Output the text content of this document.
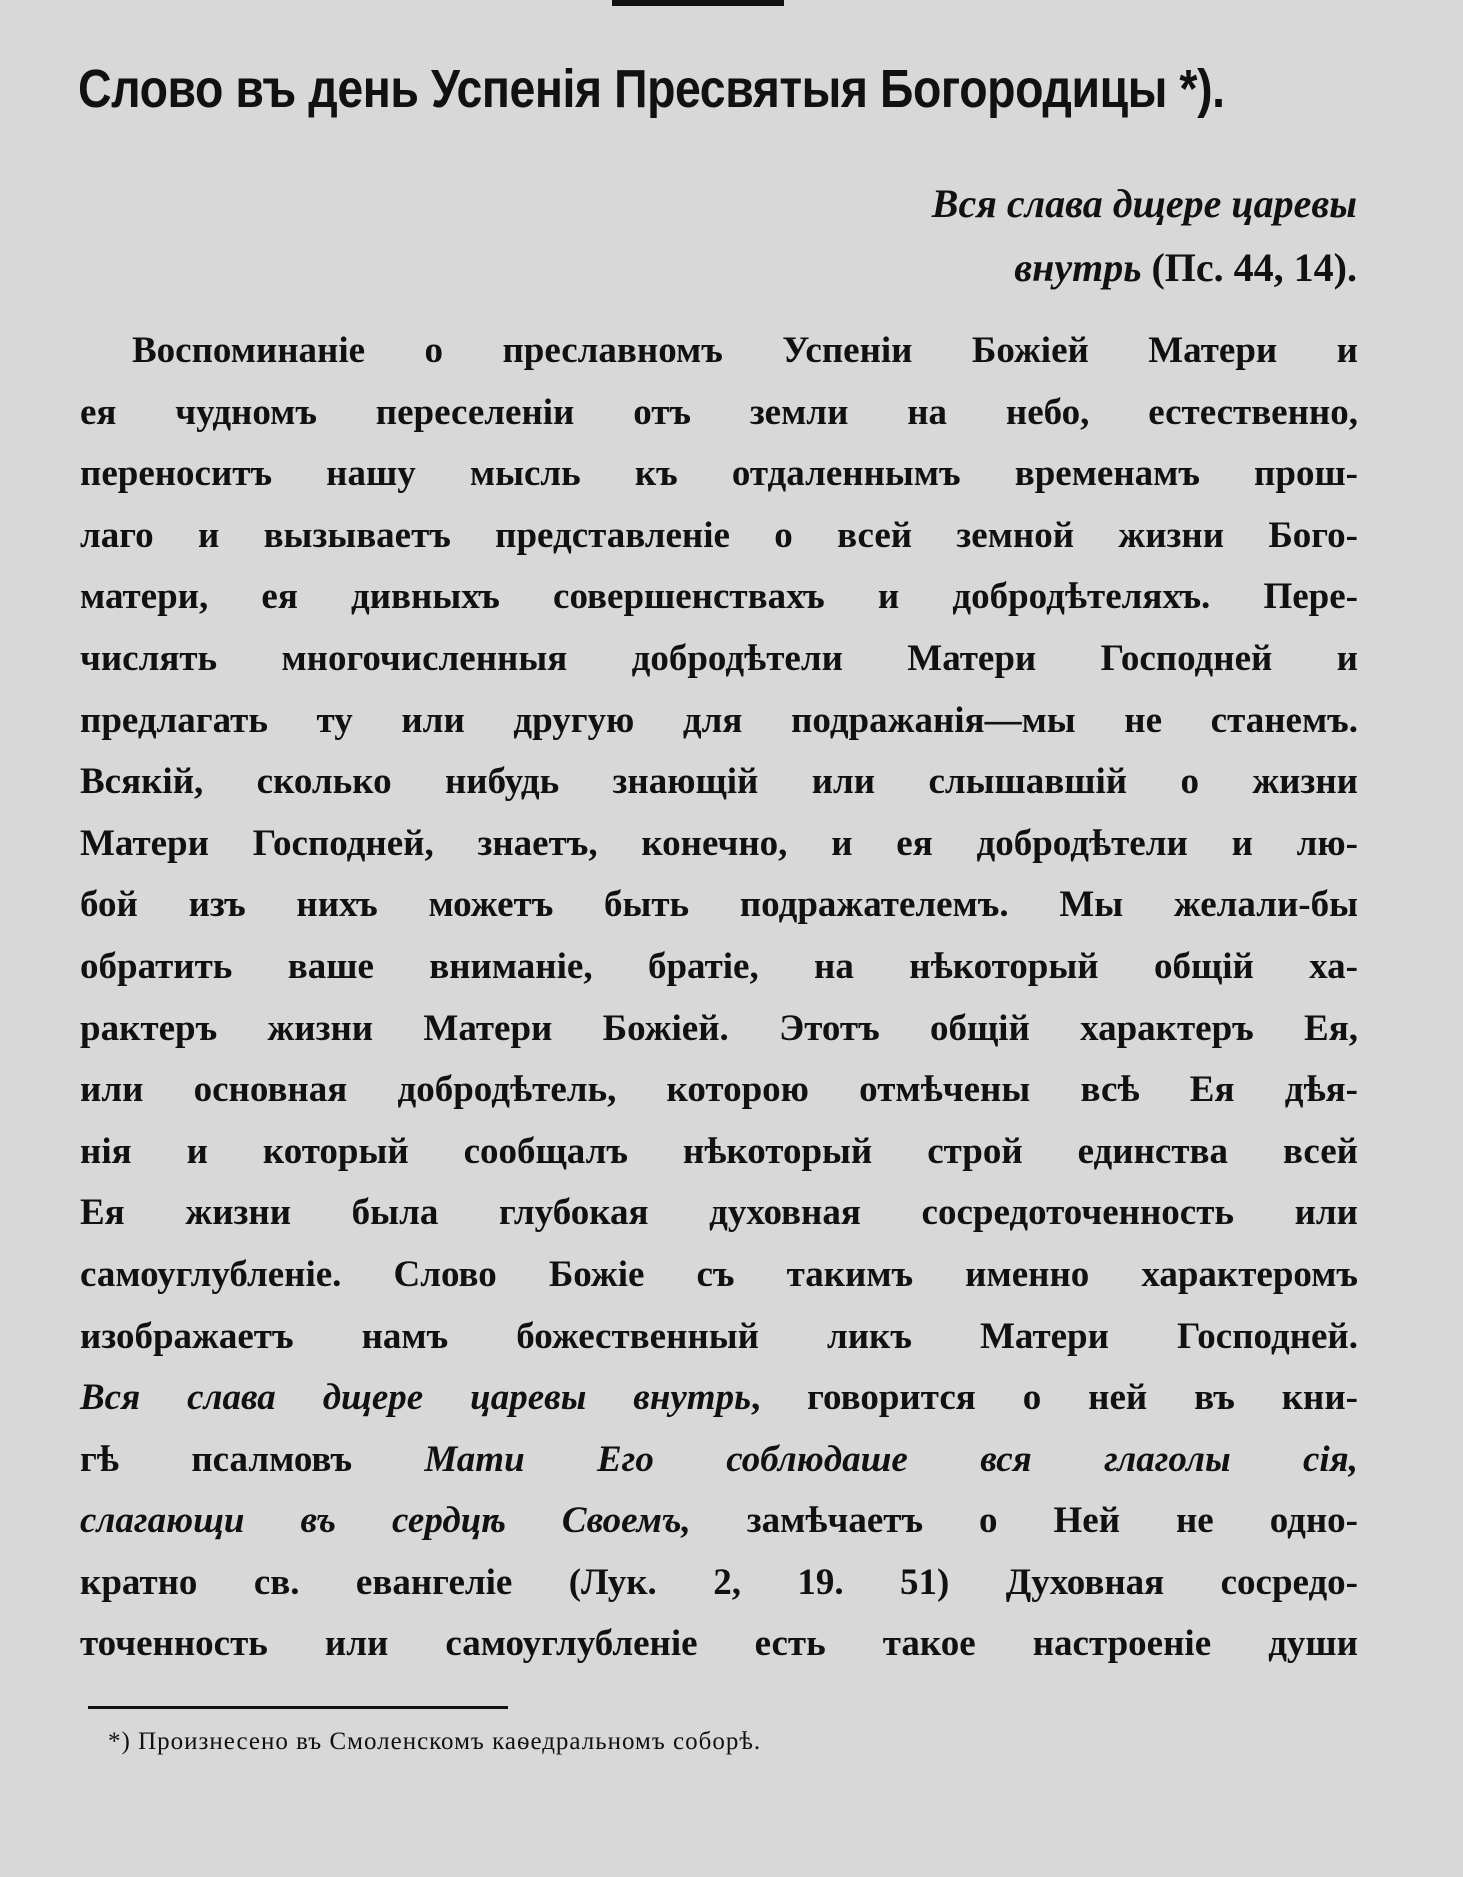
Слово въ день Успенія Пресвятыя Богородицы *).
Вся слава дщере царевы
внутрь (Пс. 44, 14).
Воспоминаніе о преславномъ Успеніи Божіей Матери и
ея чудномъ переселеніи отъ земли на небо, естественно,
переноситъ нашу мысль къ отдаленнымъ временамъ прош-
лаго и вызываетъ представленіе о всей земной жизни Бого-
матери, ея дивныхъ совершенствахъ и добродѣтеляхъ. Пере-
числять многочисленныя добродѣтели Матери Господней и
предлагать ту или другую для подражанія—мы не станемъ.
Всякій, сколько нибудь знающій или слышавшій о жизни
Матери Господней, знаетъ, конечно, и ея добродѣтели и лю-
бой изъ нихъ можетъ быть подражателемъ. Мы желали-бы
обратить ваше вниманіе, братіе, на нѣкоторый общій ха-
рактеръ жизни Матери Божіей. Этотъ общій характеръ Ея,
или основная добродѣтель, которою отмѣчены всѣ Ея дѣя-
нія и который сообщалъ нѣкоторый строй единства всей
Ея жизни была глубокая духовная сосредоточенность или
самоуглубленіе. Слово Божіе съ такимъ именно характеромъ
изображаетъ намъ божественный ликъ Матери Господней.
Вся слава дщере царевы внутрь, говорится о ней въ кни-
гѣ псалмовъ Мати Его соблюдаше вся глаголы сія,
слагающи въ сердцѣ Своемъ, замѣчаетъ о Ней не одно-
кратно св. евангеліе (Лук. 2, 19. 51) Духовная сосредо-
точенность или самоуглубленіе есть такое настроеніе души
*) Произнесено въ Смоленскомъ каѳедральномъ соборѣ.
